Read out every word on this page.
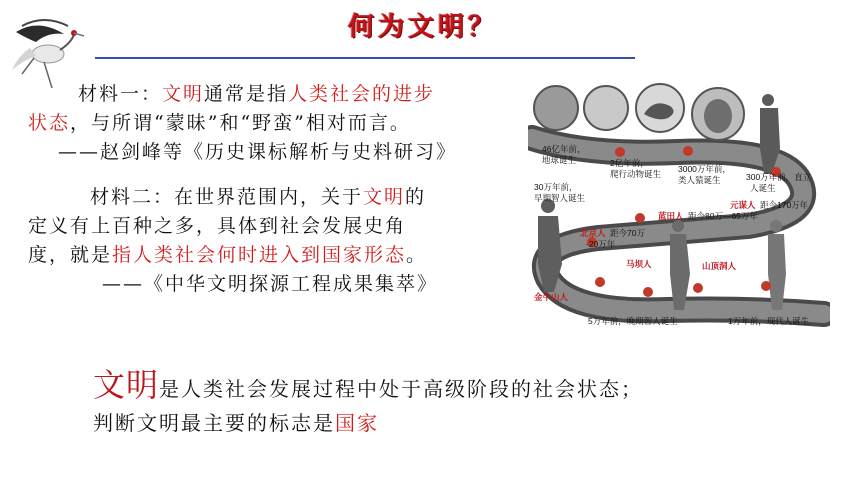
何为文明？
材料一：文明通常是指人类社会的进步
状态，与所谓“蒙昧”和“野蛮”相对而言。
——赵剑峰等《历史课标解析与史料研习》
材料二：在世界范围内，关于文明的
定义有上百种之多，具体到社会发展史角
度，就是指人类社会何时进入到国家形态。
——《中华文明探源工程成果集萃》
46亿年前，
地球诞生	2亿年前，
爬行动物诞生 3000万年前，
类人猿诞生	300万年前，直立
人诞生
30万年前，
早期智人诞生
蓝田人 距今80万—65万年
元谋人 距今170万年
北京人 距今70万
-20万年
马坝人	山顶洞人
金牛山人
5万年前，晚期智人诞生	1万年前，现代人诞生
文明是人类社会发展过程中处于高级阶段的社会状态；
判断文明最主要的标志是国家
